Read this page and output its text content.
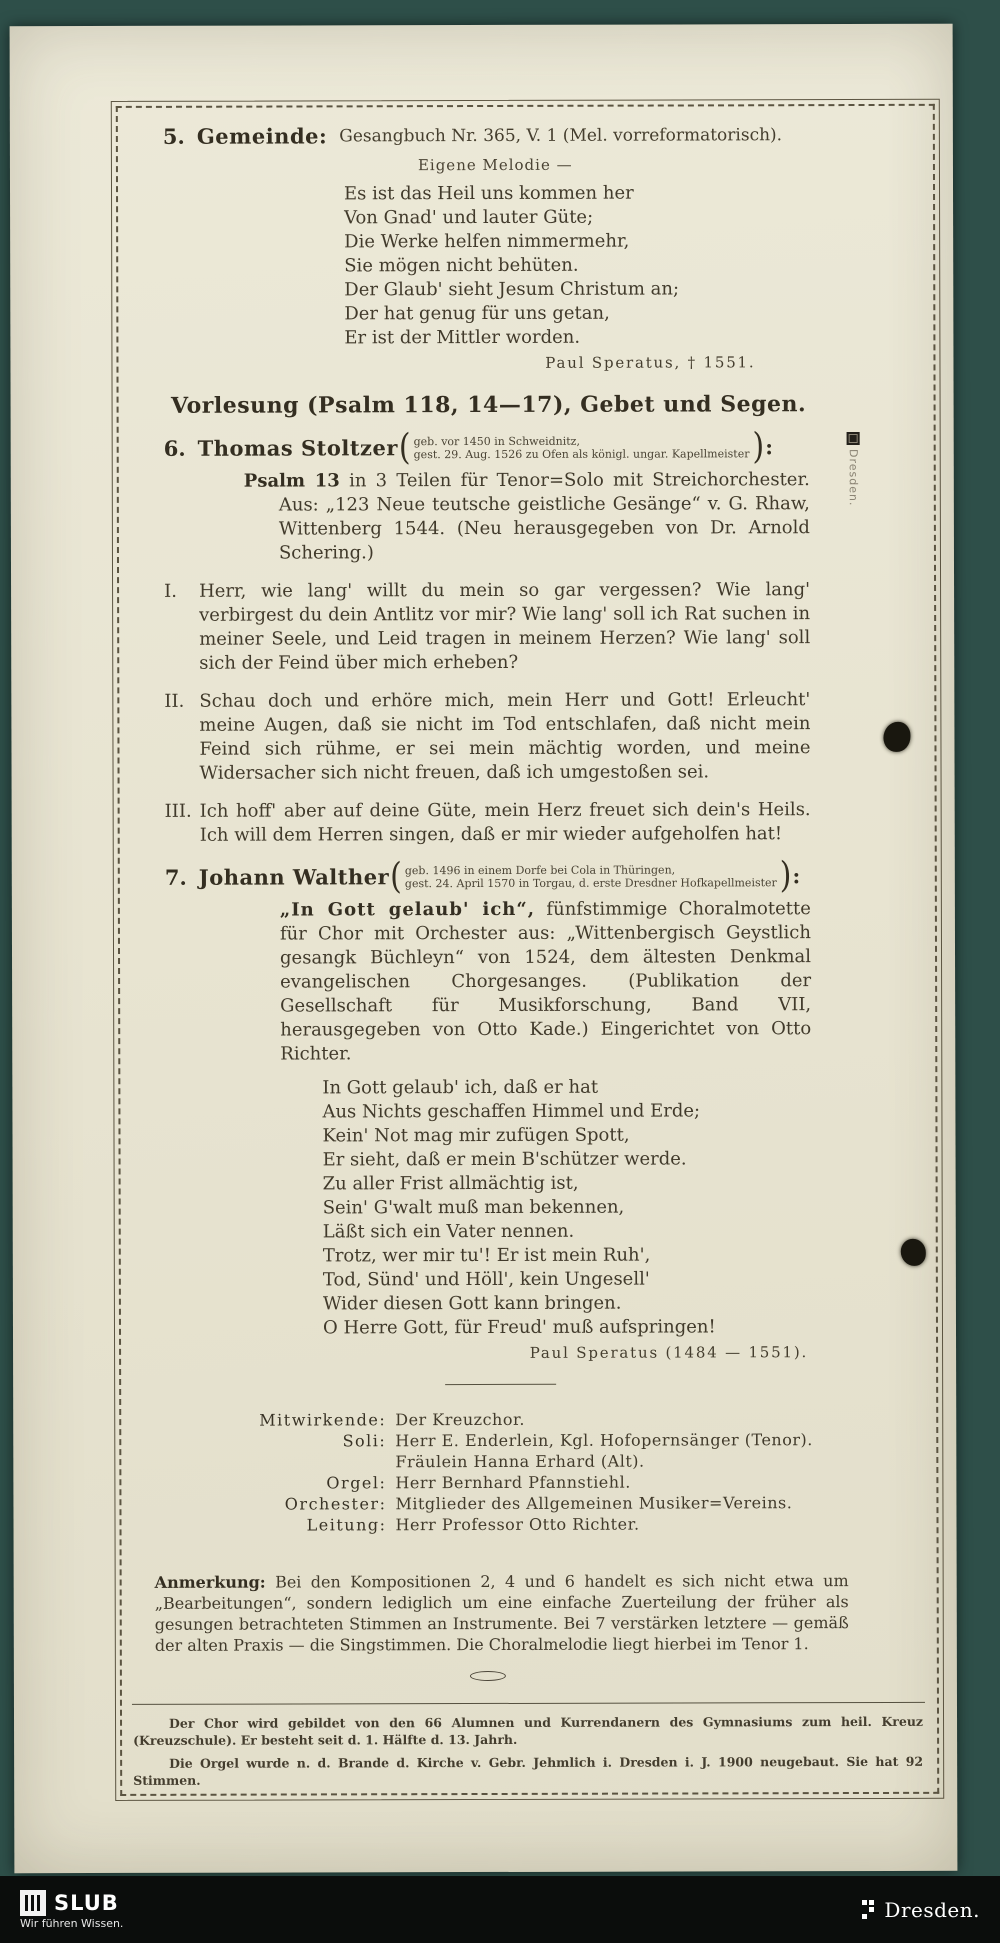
5. Gemeinde: Gesangbuch Nr. 365, V. 1 (Mel. vorreformatorisch).
Eigene Melodie —
Es ist das Heil uns kommen her
Von Gnad' und lauter Güte;
Die Werke helfen nimmermehr,
Sie mögen nicht behüten.
Der Glaub' sieht Jesum Christum an;
Der hat genug für uns getan,
Er ist der Mittler worden.
Paul Speratus, † 1551.
Vorlesung (Psalm 118, 14—17), Gebet und Segen.
6. Thomas Stoltzer ( geb. vor 1450 in Schweidnitz,
gest. 29. Aug. 1526 zu Ofen als königl. ungar. Kapellmeister ) :
Psalm 13 in 3 Teilen für Tenor=Solo mit Streichorchester. Aus: „123 Neue teutsche geistliche Gesänge“ v. G. Rhaw, Wittenberg 1544. (Neu herausgegeben von Dr. Arnold Schering.)
I. Herr, wie lang' willt du mein so gar vergessen? Wie lang' verbirgest du dein Antlitz vor mir? Wie lang' soll ich Rat suchen in meiner Seele, und Leid tragen in meinem Herzen? Wie lang' soll sich der Feind über mich erheben?
II. Schau doch und erhöre mich, mein Herr und Gott! Erleucht' meine Augen, daß sie nicht im Tod entschlafen, daß nicht mein Feind sich rühme, er sei mein mächtig worden, und meine Widersacher sich nicht freuen, daß ich umgestoßen sei.
III. Ich hoff' aber auf deine Güte, mein Herz freuet sich dein's Heils. Ich will dem Herren singen, daß er mir wieder aufgeholfen hat!
7. Johann Walther ( geb. 1496 in einem Dorfe bei Cola in Thüringen,
gest. 24. April 1570 in Torgau, d. erste Dresdner Hofkapellmeister ) :
„In Gott gelaub' ich“, fünfstimmige Choralmotette für Chor mit Orchester aus: „Wittenbergisch Geystlich gesangk Büchleyn“ von 1524, dem ältesten Denkmal evangelischen Chorgesanges. (Publikation der Gesellschaft für Musikforschung, Band VII, herausgegeben von Otto Kade.) Eingerichtet von Otto Richter.
In Gott gelaub' ich, daß er hat
Aus Nichts geschaffen Himmel und Erde;
Kein' Not mag mir zufügen Spott,
Er sieht, daß er mein B'schützer werde.
Zu aller Frist allmächtig ist,
Sein' G'walt muß man bekennen,
Läßt sich ein Vater nennen.
Trotz, wer mir tu'! Er ist mein Ruh',
Tod, Sünd' und Höll', kein Ungesell'
Wider diesen Gott kann bringen.
O Herre Gott, für Freud' muß aufspringen!
Paul Speratus (1484 — 1551).
Mitwirkende: Der Kreuzchor.
Soli: Herr E. Enderlein, Kgl. Hofopernsänger (Tenor).
Fräulein Hanna Erhard (Alt).
Orgel: Herr Bernhard Pfannstiehl.
Orchester: Mitglieder des Allgemeinen Musiker=Vereins.
Leitung: Herr Professor Otto Richter.
Anmerkung: Bei den Kompositionen 2, 4 und 6 handelt es sich nicht etwa um „Bearbeitungen“, sondern lediglich um eine einfache Zuerteilung der früher als gesungen betrachteten Stimmen an Instrumente. Bei 7 verstärken letztere — gemäß der alten Praxis — die Singstimmen. Die Choralmelodie liegt hierbei im Tenor 1.
Der Chor wird gebildet von den 66 Alumnen und Kurrendanern des Gymnasiums zum heil. Kreuz (Kreuzschule). Er besteht seit d. 1. Hälfte d. 13. Jahrh.
Die Orgel wurde n. d. Brande d. Kirche v. Gebr. Jehmlich i. Dresden i. J. 1900 neugebaut. Sie hat 92 Stimmen.
Dresden.
SLUB
Wir führen Wissen.
Dresden.
